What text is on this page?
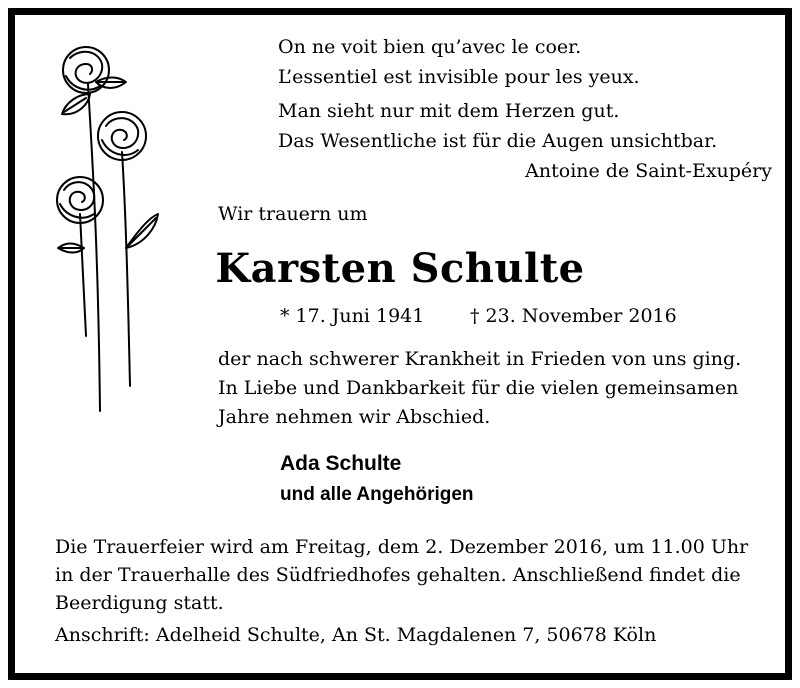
On ne voit bien qu’avec le coer.
L’essentiel est invisible pour les yeux.
Man sieht nur mit dem Herzen gut.
Das Wesentliche ist für die Augen unsichtbar.
Antoine de Saint-Exupéry
Wir trauern um
Karsten Schulte
* 17. Juni 1941 † 23. November 2016
der nach schwerer Krankheit in Frieden von uns ging.
In Liebe und Dankbarkeit für die vielen gemeinsamen
Jahre nehmen wir Abschied.
Ada Schulte
und alle Angehörigen
Die Trauerfeier wird am Freitag, dem 2. Dezember 2016, um 11.00 Uhr
in der Trauerhalle des Südfriedhofes gehalten. Anschließend findet die
Beerdigung statt.
Anschrift: Adelheid Schulte, An St. Magdalenen 7, 50678 Köln
